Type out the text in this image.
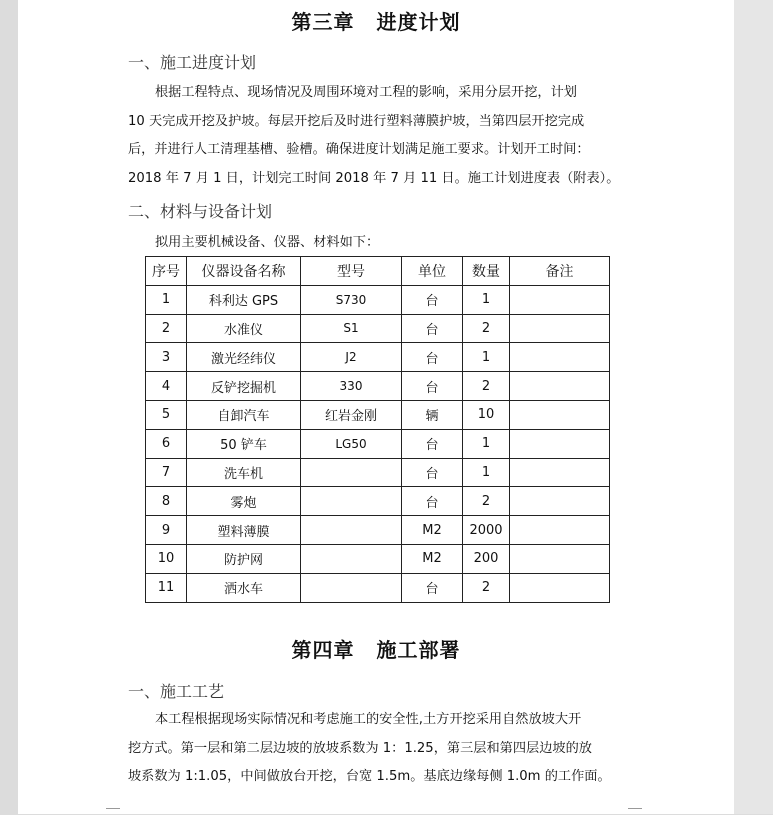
第三章 进度计划
一、施工进度计划
根据工程特点、现场情况及周围环境对工程的影响，采用分层开挖，计划
10 天完成开挖及护坡。每层开挖后及时进行塑料薄膜护坡，当第四层开挖完成
后，并进行人工清理基槽、验槽。确保进度计划满足施工要求。计划开工时间：
2018 年 7 月 1 日，计划完工时间 2018 年 7 月 11 日。施工计划进度表（附表）。
二、材料与设备计划
拟用主要机械设备、仪器、材料如下：
序号	仪器设备名称	型号	单位	数量	备注
1	科利达 GPS	S730	台	1	
2	水准仪	S1	台	2	
3	激光经纬仪	J2	台	1	
4	反铲挖掘机	330	台	2	
5	自卸汽车	红岩金刚	辆	10	
6	50 铲车	LG50	台	1	
7	洗车机		台	1	
8	雾炮		台	2	
9	塑料薄膜		M2	2000	
10	防护网		M2	200	
11	洒水车		台	2	
第四章 施工部署
一、施工工艺
本工程根据现场实际情况和考虑施工的安全性,土方开挖采用自然放坡大开
挖方式。第一层和第二层边坡的放坡系数为 1：1.25，第三层和第四层边坡的放
坡系数为 1:1.05，中间做放台开挖，台宽 1.5m。基底边缘每侧 1.0m 的工作面。
